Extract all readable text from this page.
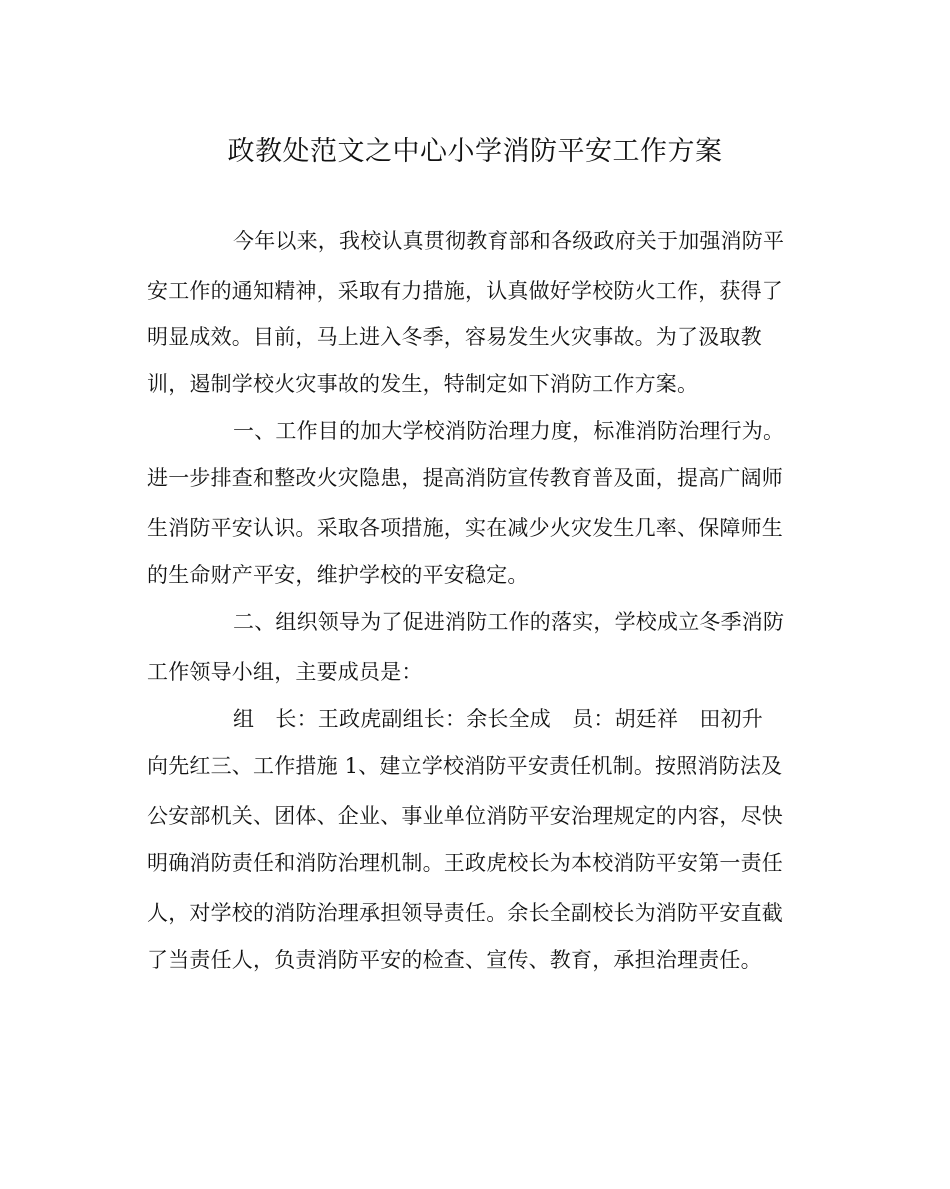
政教处范文之中心小学消防平安工作方案
今年以来，我校认真贯彻教育部和各级政府关于加强消防平
安工作的通知精神，采取有力措施，认真做好学校防火工作，获得了
明显成效。目前，马上进入冬季，容易发生火灾事故。为了汲取教
训，遏制学校火灾事故的发生，特制定如下消防工作方案。
一、工作目的加大学校消防治理力度，标准消防治理行为。
进一步排查和整改火灾隐患，提高消防宣传教育普及面，提高广阔师
生消防平安认识。采取各项措施，实在减少火灾发生几率、保障师生
的生命财产平安，维护学校的平安稳定。
二、组织领导为了促进消防工作的落实，学校成立冬季消防
工作领导小组，主要成员是：
组　长：王政虎副组长：余长全成　员：胡廷祥　田初升
向先红三、工作措施 1、建立学校消防平安责任机制。按照消防法及
公安部机关、团体、企业、事业单位消防平安治理规定的内容，尽快
明确消防责任和消防治理机制。王政虎校长为本校消防平安第一责任
人，对学校的消防治理承担领导责任。余长全副校长为消防平安直截
了当责任人，负责消防平安的检查、宣传、教育，承担治理责任。
